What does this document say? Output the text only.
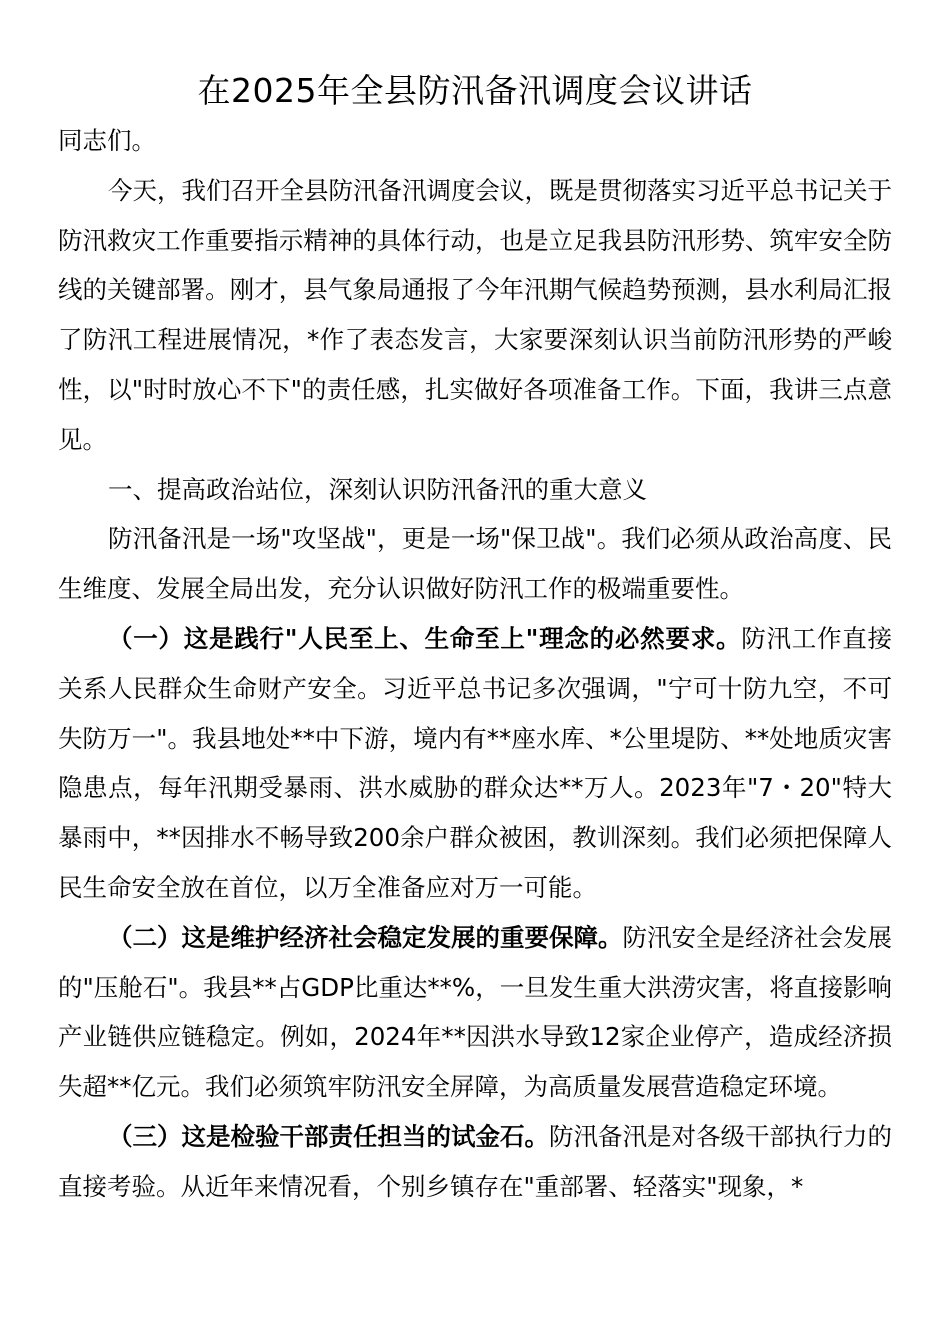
在2025年全县防汛备汛调度会议讲话

同志们。

今天，我们召开全县防汛备汛调度会议，既是贯彻落实习近平总书记关于防汛救灾工作重要指示精神的具体行动，也是立足我县防汛形势、筑牢安全防线的关键部署。刚才，县气象局通报了今年汛期气候趋势预测，县水利局汇报了防汛工程进展情况，*作了表态发言，大家要深刻认识当前防汛形势的严峻性，以"时时放心不下"的责任感，扎实做好各项准备工作。下面，我讲三点意见。

一、提高政治站位，深刻认识防汛备汛的重大意义

防汛备汛是一场"攻坚战"，更是一场"保卫战"。我们必须从政治高度、民生维度、发展全局出发，充分认识做好防汛工作的极端重要性。

（一）这是践行"人民至上、生命至上"理念的必然要求。防汛工作直接关系人民群众生命财产安全。习近平总书记多次强调，"宁可十防九空，不可失防万一"。我县地处**中下游，境内有**座水库、*公里堤防、**处地质灾害隐患点，每年汛期受暴雨、洪水威胁的群众达**万人。2023年"7・20"特大暴雨中，**因排水不畅导致200余户群众被困，教训深刻。我们必须把保障人民生命安全放在首位，以万全准备应对万一可能。

（二）这是维护经济社会稳定发展的重要保障。防汛安全是经济社会发展的"压舱石"。我县**占GDP比重达**%，一旦发生重大洪涝灾害，将直接影响产业链供应链稳定。例如，2024年**因洪水导致12家企业停产，造成经济损失超**亿元。我们必须筑牢防汛安全屏障，为高质量发展营造稳定环境。

（三）这是检验干部责任担当的试金石。防汛备汛是对各级干部执行力的直接考验。从近年来情况看，个别乡镇存在"重部署、轻落实"现象，*
